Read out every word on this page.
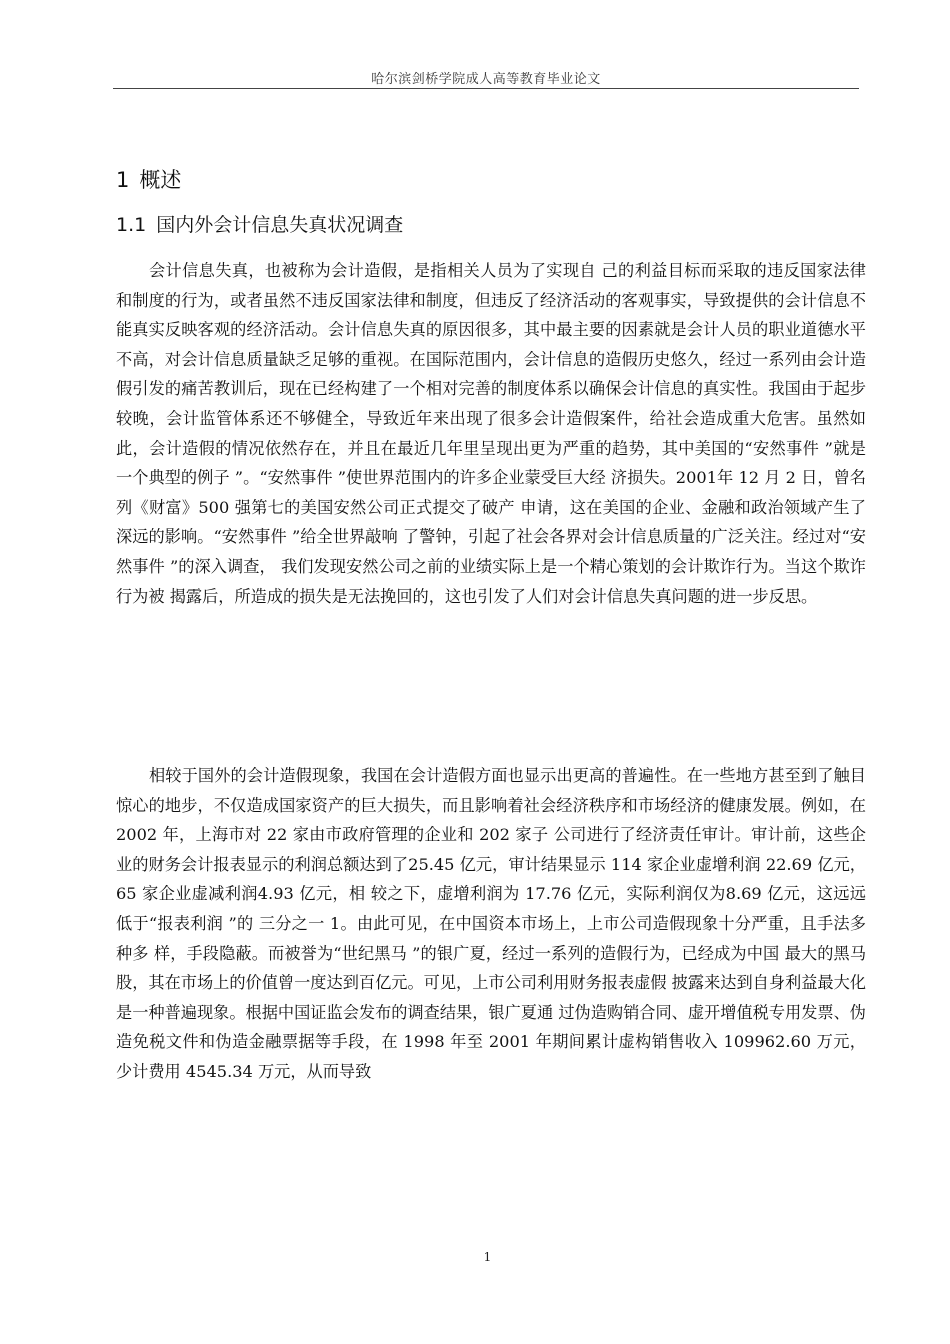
哈尔滨剑桥学院成人高等教育毕业论文
1 概述
1.1 国内外会计信息失真状况调查

会计信息失真，也被称为会计造假，是指相关人员为了实现自 己的利益目标而采取的违反国家法律和制度的行为，或者虽然不违反国家法律和制度，但违反了经济活动的客观事实，导致提供的会计信息不能真实反映客观的经济活动。会计信息失真的原因很多，其中最主要的因素就是会计人员的职业道德水平不高，对会计信息质量缺乏足够的重视。在国际范围内，会计信息的造假历史悠久，经过一系列由会计造假引发的痛苦教训后，现在已经构建了一个相对完善的制度体系以确保会计信息的真实性。我国由于起步较晚，会计监管体系还不够健全，导致近年来出现了很多会计造假案件，给社会造成重大危害。虽然如此，会计造假的情况依然存在，并且在最近几年里呈现出更为严重的趋势，其中美国的“安然事件 ”就是一个典型的例子 ”。“安然事件 ”使世界范围内的许多企业蒙受巨大经 济损失。2001年 12 月 2 日，曾名列《财富》500 强第七的美国安然公司正式提交了破产 申请，这在美国的企业、金融和政治领域产生了深远的影响。“安然事件 ”给全世界敲响 了警钟，引起了社会各界对会计信息质量的广泛关注。经过对“安然事件 ”的深入调查， 我们发现安然公司之前的业绩实际上是一个精心策划的会计欺诈行为。当这个欺诈行为被 揭露后，所造成的损失是无法挽回的，这也引发了人们对会计信息失真问题的进一步反思。

相较于国外的会计造假现象，我国在会计造假方面也显示出更高的普遍性。在一些地方甚至到了触目惊心的地步，不仅造成国家资产的巨大损失，而且影响着社会经济秩序和市场经济的健康发展。例如，在 2002 年，上海市对 22 家由市政府管理的企业和 202 家子 公司进行了经济责任审计。审计前，这些企业的财务会计报表显示的利润总额达到了25.45 亿元，审计结果显示 114 家企业虚增利润 22.69 亿元，65 家企业虚减利润4.93 亿元，相 较之下，虚增利润为 17.76 亿元，实际利润仅为8.69 亿元，这远远低于“报表利润 ”的 三分之一 1。由此可见，在中国资本市场上，上市公司造假现象十分严重，且手法多种多 样，手段隐蔽。而被誉为“世纪黑马 ”的银广夏，经过一系列的造假行为，已经成为中国 最大的黑马股，其在市场上的价值曾一度达到百亿元。可见，上市公司利用财务报表虚假 披露来达到自身利益最大化是一种普遍现象。根据中国证监会发布的调查结果，银广夏通 过伪造购销合同、虚开增值税专用发票、伪造免税文件和伪造金融票据等手段，在 1998 年至 2001 年期间累计虚构销售收入 109962.60 万元，少计费用 4545.34 万元，从而导致

1
